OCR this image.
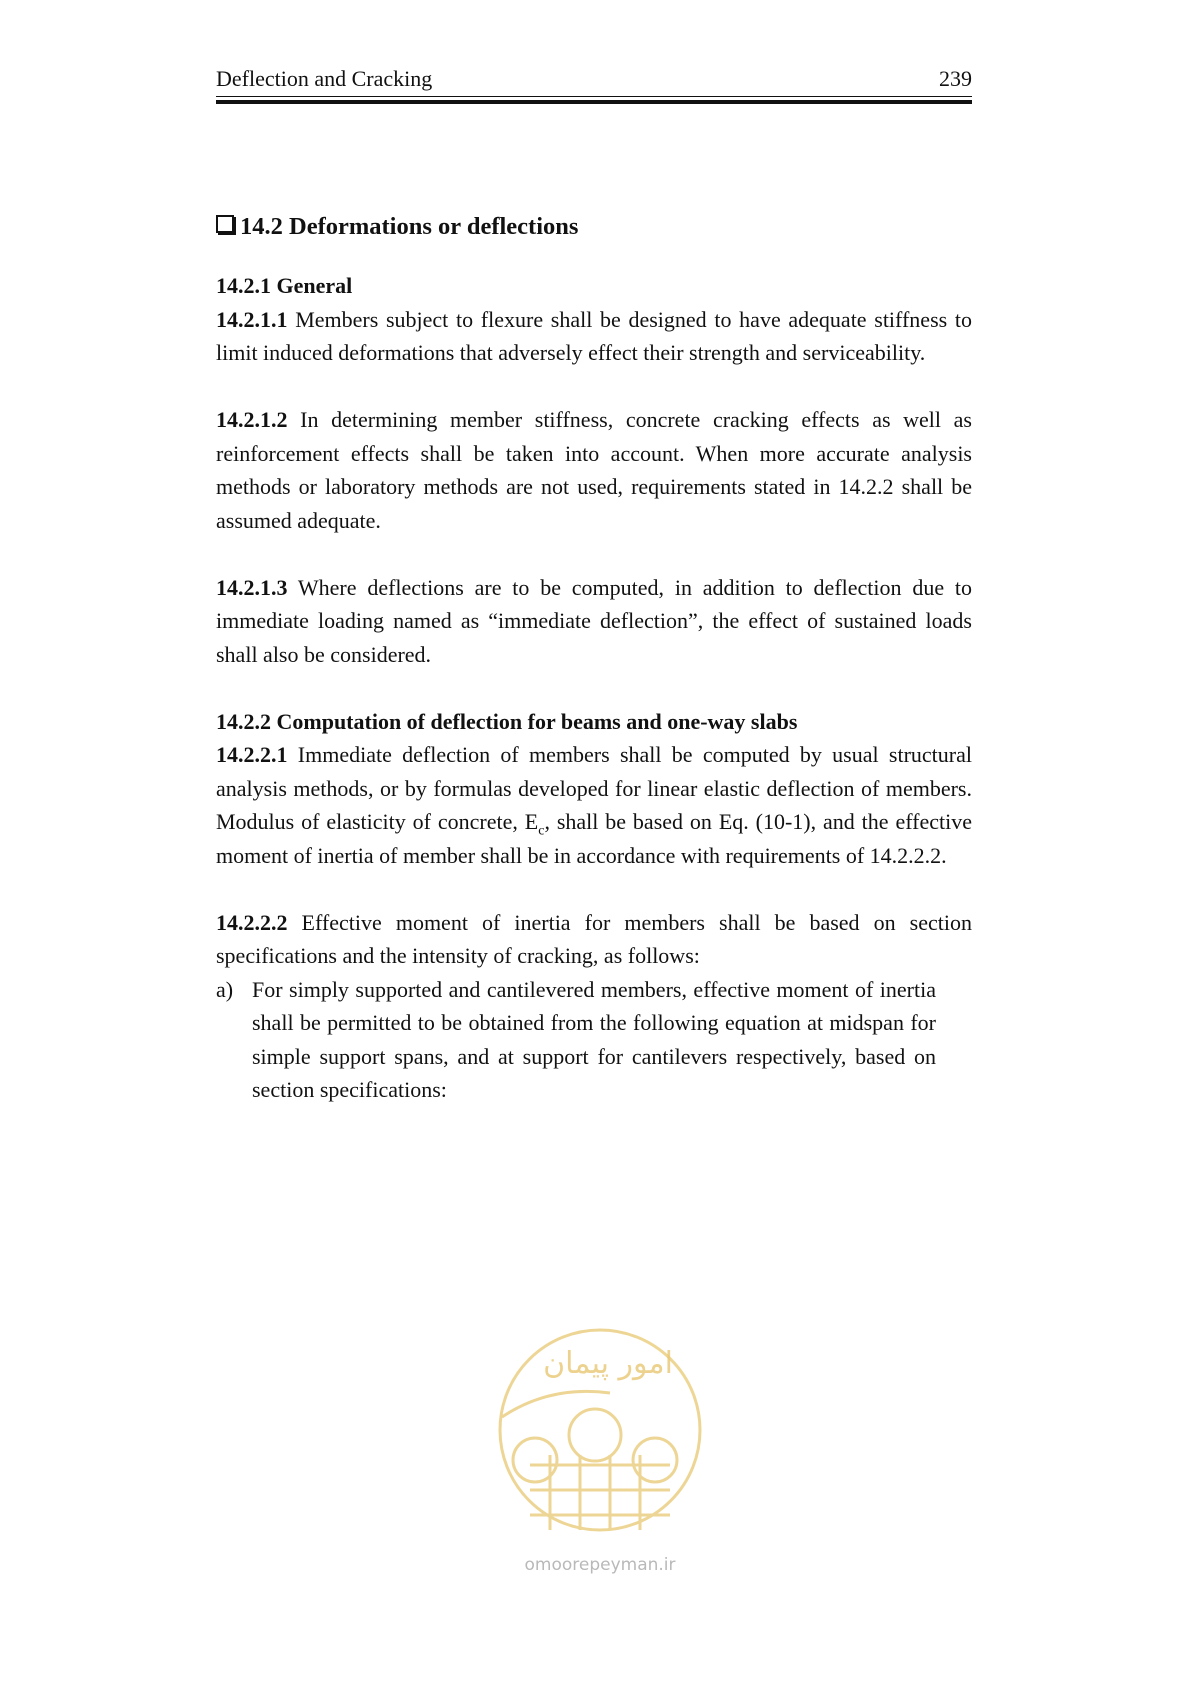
Deflection and Cracking	239
14.2 Deformations or deflections

14.2.1 General

14.2.1.1 Members subject to flexure shall be designed to have adequate stiffness to limit induced deformations that adversely effect their strength and serviceability.

14.2.1.2 In determining member stiffness, concrete cracking effects as well as reinforcement effects shall be taken into account. When more accurate analysis methods or laboratory methods are not used, requirements stated in 14.2.2 shall be assumed adequate.

14.2.1.3 Where deflections are to be computed, in addition to deflection due to immediate loading named as “immediate deflection”, the effect of sustained loads shall also be considered.

14.2.2 Computation of deflection for beams and one-way slabs

14.2.2.1 Immediate deflection of members shall be computed by usual structural analysis methods, or by formulas developed for linear elastic deflection of members. Modulus of elasticity of concrete, $E_c$, shall be based on Eq. (10-1), and the effective moment of inertia of member shall be in accordance with requirements of 14.2.2.2.

14.2.2.2 Effective moment of inertia for members shall be based on section specifications and the intensity of cracking, as follows:

a) For simply supported and cantilevered members, effective moment of inertia shall be permitted to be obtained from the following equation at midspan for simple support spans, and at support for cantilevers respectively, based on section specifications:
امور پیمان
omoorepeyman.ir
